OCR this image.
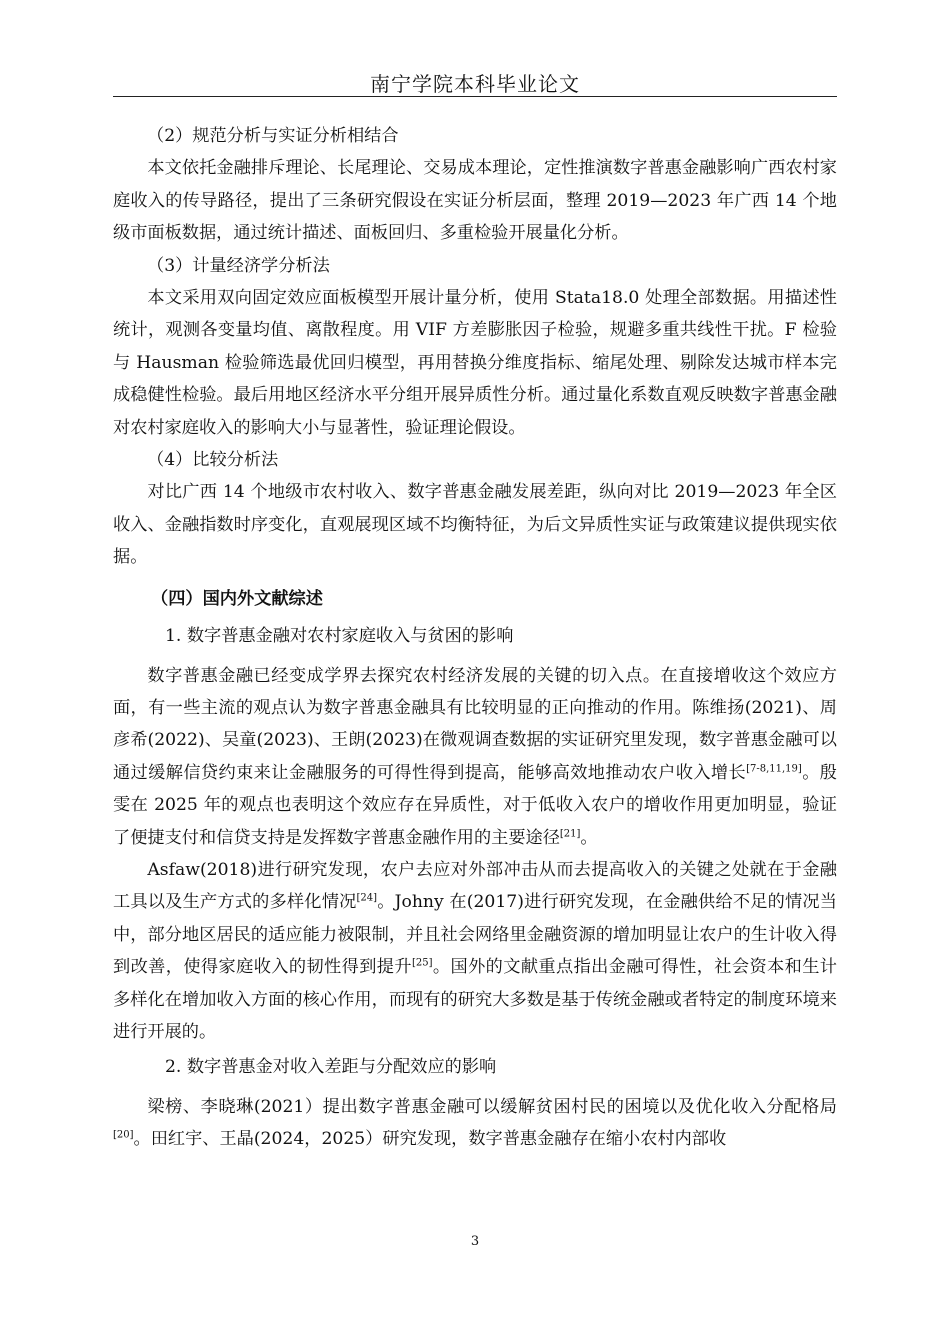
南宁学院本科毕业论文
（2）规范分析与实证分析相结合
本文依托金融排斥理论、长尾理论、交易成本理论，定性推演数字普惠金融影响广西农村家庭收入的传导路径，提出了三条研究假设在实证分析层面，整理 2019—2023 年广西 14 个地级市面板数据，通过统计描述、面板回归、多重检验开展量化分析。
（3）计量经济学分析法
本文采用双向固定效应面板模型开展计量分析，使用 Stata18.0 处理全部数据。用描述性统计，观测各变量均值、离散程度。用 VIF 方差膨胀因子检验，规避多重共线性干扰。F 检验与 Hausman 检验筛选最优回归模型，再用替换分维度指标、缩尾处理、剔除发达城市样本完成稳健性检验。最后用地区经济水平分组开展异质性分析。通过量化系数直观反映数字普惠金融对农村家庭收入的影响大小与显著性，验证理论假设。
（4）比较分析法
对比广西 14 个地级市农村收入、数字普惠金融发展差距，纵向对比 2019—2023 年全区收入、金融指数时序变化，直观展现区域不均衡特征，为后文异质性实证与政策建议提供现实依据。
（四）国内外文献综述
1. 数字普惠金融对农村家庭收入与贫困的影响
数字普惠金融已经变成学界去探究农村经济发展的关键的切入点。在直接增收这个效应方面，有一些主流的观点认为数字普惠金融具有比较明显的正向推动的作用。陈维扬(2021)、周彦希(2022)、吴童(2023)、王朗(2023)在微观调查数据的实证研究里发现，数字普惠金融可以通过缓解信贷约束来让金融服务的可得性得到提高，能够高效地推动农户收入增长[7-8,11,19]。殷雯在 2025 年的观点也表明这个效应存在异质性，对于低收入农户的增收作用更加明显，验证了便捷支付和信贷支持是发挥数字普惠金融作用的主要途径[21]。
Asfaw(2018)进行研究发现，农户去应对外部冲击从而去提高收入的关键之处就在于金融工具以及生产方式的多样化情况[24]。Johny 在(2017)进行研究发现，在金融供给不足的情况当中，部分地区居民的适应能力被限制，并且社会网络里金融资源的增加明显让农户的生计收入得到改善，使得家庭收入的韧性得到提升[25]。国外的文献重点指出金融可得性，社会资本和生计多样化在增加收入方面的核心作用，而现有的研究大多数是基于传统金融或者特定的制度环境来进行开展的。
2. 数字普惠金对收入差距与分配效应的影响
梁榜、李晓琳(2021）提出数字普惠金融可以缓解贫困村民的困境以及优化收入分配格局[20]。田红宇、王晶(2024，2025）研究发现，数字普惠金融存在缩小农村内部收
3
